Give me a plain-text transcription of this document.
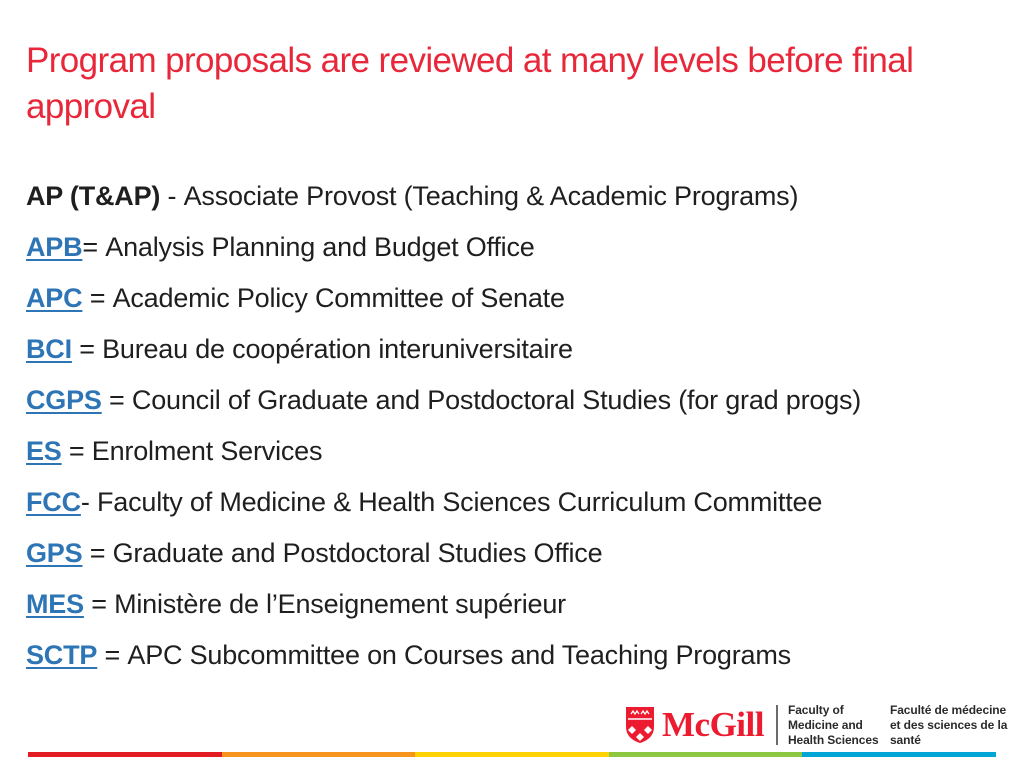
Program proposals are reviewed at many levels before final approval
AP (T&AP) - Associate Provost (Teaching & Academic Programs)
APB = Analysis Planning and Budget Office
APC = Academic Policy Committee of Senate
BCI = Bureau de coopération interuniversitaire
CGPS = Council of Graduate and Postdoctoral Studies (for grad progs)
ES = Enrolment Services
FCC - Faculty of Medicine & Health Sciences Curriculum Committee
GPS = Graduate and Postdoctoral Studies Office
MES = Ministère de l’Enseignement supérieur
SCTP = APC Subcommittee on Courses and Teaching Programs
McGill Faculty of Medicine and Health Sciences
Faculté de médecine et des sciences de la santé
